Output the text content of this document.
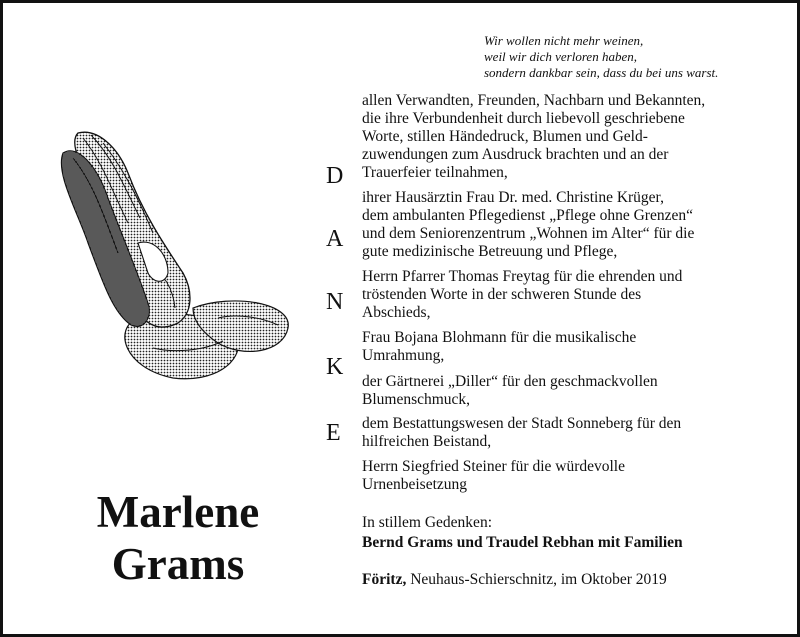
Wir wollen nicht mehr weinen,
weil wir dich verloren haben,
sondern dankbar sein, dass du bei uns warst.
D
A
N
K
E
allen Verwandten, Freunden, Nachbarn und Bekannten,
die ihre Verbundenheit durch liebevoll geschriebene
Worte, stillen Händedruck, Blumen und Geld-
zuwendungen zum Ausdruck brachten und an der
Trauerfeier teilnahmen,
ihrer Hausärztin Frau Dr. med. Christine Krüger,
dem ambulanten Pflegedienst „Pflege ohne Grenzen“
und dem Seniorenzentrum „Wohnen im Alter“ für die
gute medizinische Betreuung und Pflege,
Herrn Pfarrer Thomas Freytag für die ehrenden und
tröstenden Worte in der schweren Stunde des
Abschieds,
Frau Bojana Blohmann für die musikalische
Umrahmung,
der Gärtnerei „Diller“ für den geschmackvollen
Blumenschmuck,
dem Bestattungswesen der Stadt Sonneberg für den
hilfreichen Beistand,
Herrn Siegfried Steiner für die würdevolle
Urnenbeisetzung
Marlene
Grams
In stillem Gedenken:
Bernd Grams und Traudel Rebhan mit Familien
Föritz, Neuhaus-Schierschnitz, im Oktober 2019
